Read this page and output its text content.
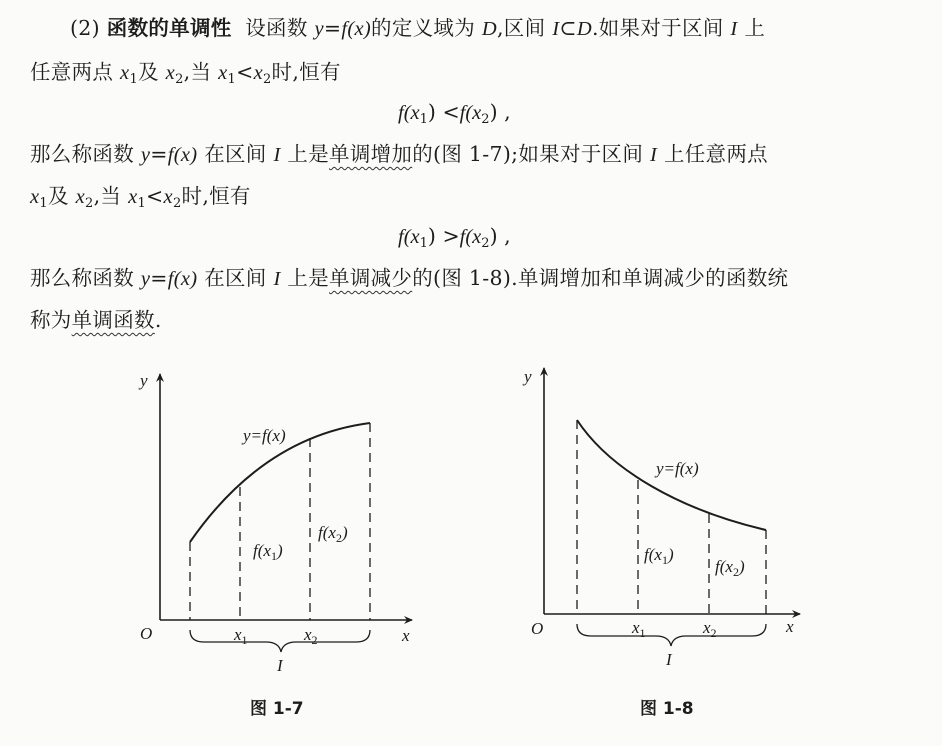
(2) 函数的单调性 设函数 y=f(x)的定义域为 D,区间 I⊂D.如果对于区间 I 上
任意两点 $x_1$及 $x_2$,当 $x_1<x_2$时,恒有
$f(x_1) <f(x_2)$ ,
那么称函数 y=f(x) 在区间 I 上是单调增加的(图 1-7);如果对于区间 I 上任意两点
$x_1$及 $x_2$,当 $x_1<x_2$时,恒有
$f(x_1) >f(x_2)$ ,
那么称函数 y=f(x) 在区间 I 上是单调减少的(图 1-8).单调增加和单调减少的函数统
称为单调函数.
y
x
O
y=f(x)
$f(x_1)$
$f(x_2)$
$x_1$	$x_2$
I
y
x
O
y=f(x)
$f(x_1)$
$f(x_2)$
$x_1$	$x_2$
I
图 1-7	图 1-8
